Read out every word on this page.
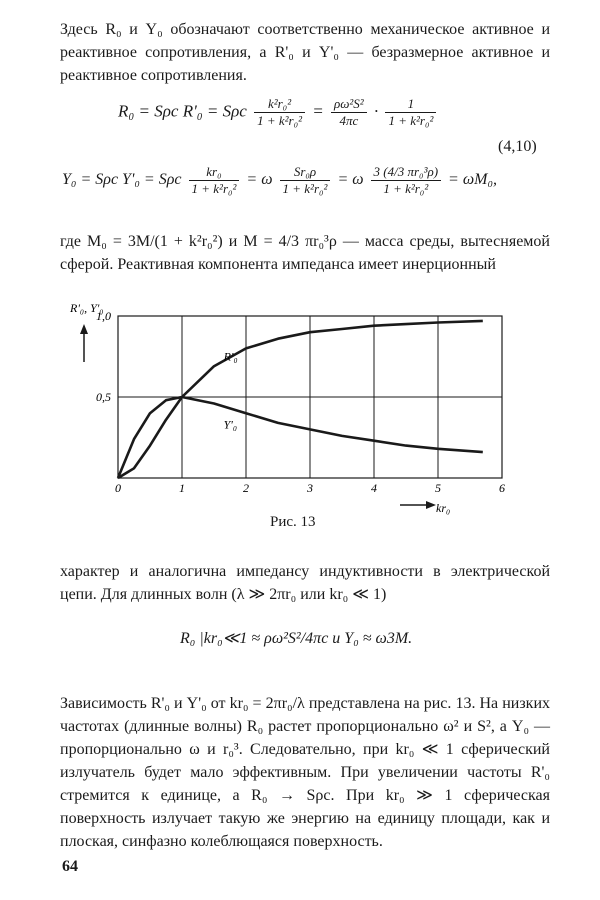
Здесь R₀ и Y₀ обозначают соответственно механическое активное и реактивное сопротивления, а R'₀ и Y'₀ — безразмерное активное и реактивное сопротивления.
R₀ = Sρc R'₀ = Sρc $\frac{\text{k²r₀²}}{\text{1 + k²r₀²}} = \frac{\text{ρω²S²}}{4\pi c} \cdot \frac{1}{\text{1 + k²r₀²}}$
(4,10)
Y₀ = Sρc Y'₀ = Sρc $\frac{\text{kr₀}}{\text{1 + k²r₀²}} = \omega \frac{\text{Sr₀ρ}}{\text{1 + k²r₀²}} = \omega \frac{\text{3 (4/3 πr₀³ρ)}}{\text{1 + k²r₀²}} = \omega M_0$,
где M₀ = 3M/(1 + k²r₀²) и M = 4/3 πr₀³ρ — масса среды, вытесняемой сферой. Реактивная компонента импеданса имеет инерционный
0	1	2	3	4	5	6
0,5
1,0
R'₀
Y'₀
R'₀, Y'₀
kr₀
Рис. 13
характер и аналогична импедансу индуктивности в электрической цепи. Для длинных волн (λ ≫ 2πr₀ или kr₀ ≪ 1)
R₀ |kr₀≪1 ≈ ρω²S²/4πc и Y₀ ≈ ω3M.
Зависимость R'₀ и Y'₀ от kr₀ = 2πr₀/λ представлена на рис. 13. На низких частотах (длинные волны) R₀ растет пропорционально ω² и S², а Y₀ — пропорционально ω и r₀³. Следовательно, при kr₀ ≪ 1 сферический излучатель будет мало эффективным. При увеличении частоты R'₀ стремится к единице, а R₀ → Sρc. При kr₀ ≫ 1 сферическая поверхность излучает такую же энергию на единицу площади, как и плоская, синфазно колеблющаяся поверхность.
64
